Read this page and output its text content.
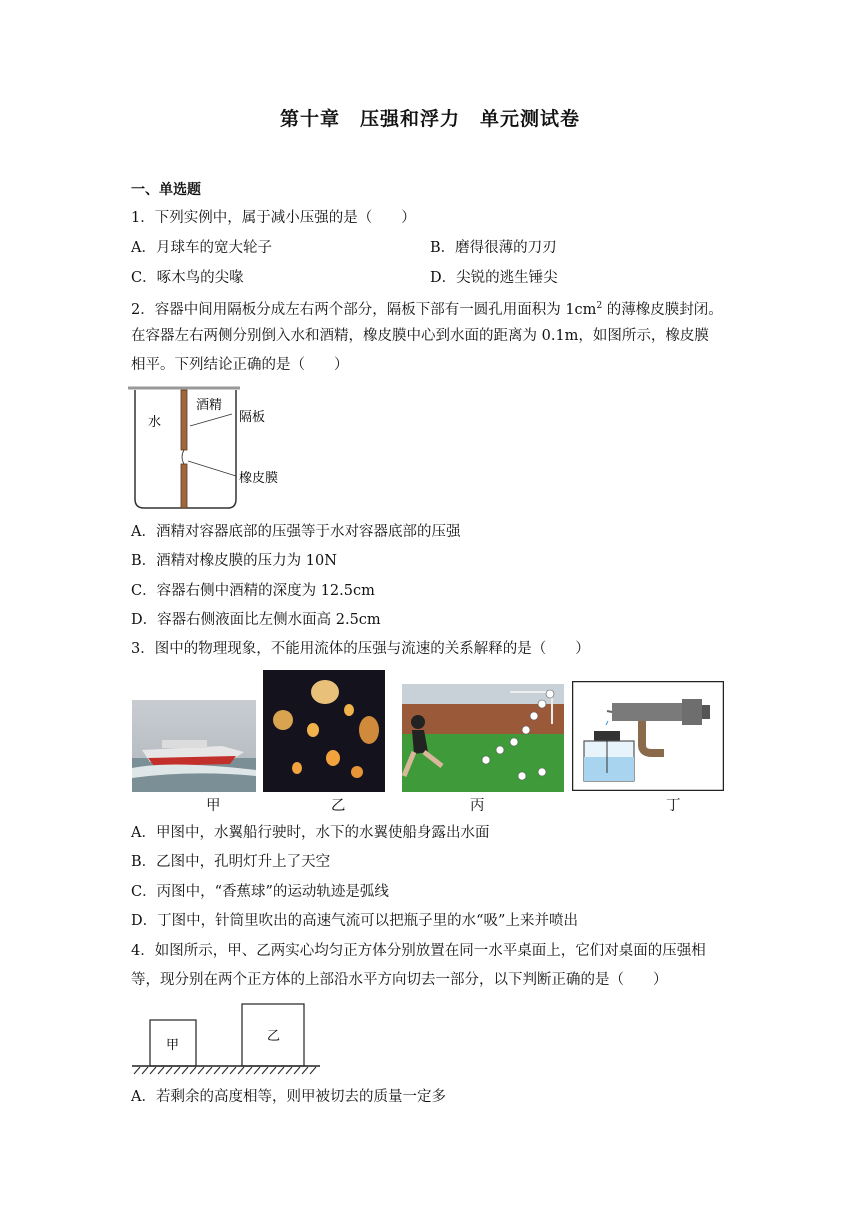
第十章　压强和浮力　单元测试卷
一、单选题
1．下列实例中，属于减小压强的是（　　）
A．月球车的宽大轮子	B．磨得很薄的刀刃
C．啄木鸟的尖喙	D．尖锐的逃生锤尖
2．容器中间用隔板分成左右两个部分，隔板下部有一圆孔用面积为 $1cm^2$ 的薄橡皮膜封闭。
在容器左右两侧分别倒入水和酒精，橡皮膜中心到水面的距离为 0.1m，如图所示，橡皮膜
相平。下列结论正确的是（　　）
水
酒精
隔板
橡皮膜
A．酒精对容器底部的压强等于水对容器底部的压强
B．酒精对橡皮膜的压力为 10N
C．容器右侧中酒精的深度为 12.5cm
D．容器右侧液面比左侧水面高 2.5cm
3．图中的物理现象，不能用流体的压强与流速的关系解释的是（　　）
甲	乙	丙	丁
A．甲图中，水翼船行驶时，水下的水翼使船身露出水面
B．乙图中，孔明灯升上了天空
C．丙图中，“香蕉球”的运动轨迹是弧线
D．丁图中，针筒里吹出的高速气流可以把瓶子里的水“吸”上来并喷出
4．如图所示，甲、乙两实心均匀正方体分别放置在同一水平桌面上，它们对桌面的压强相
等，现分别在两个正方体的上部沿水平方向切去一部分，以下判断正确的是（　　）
甲
乙
A．若剩余的高度相等，则甲被切去的质量一定多
